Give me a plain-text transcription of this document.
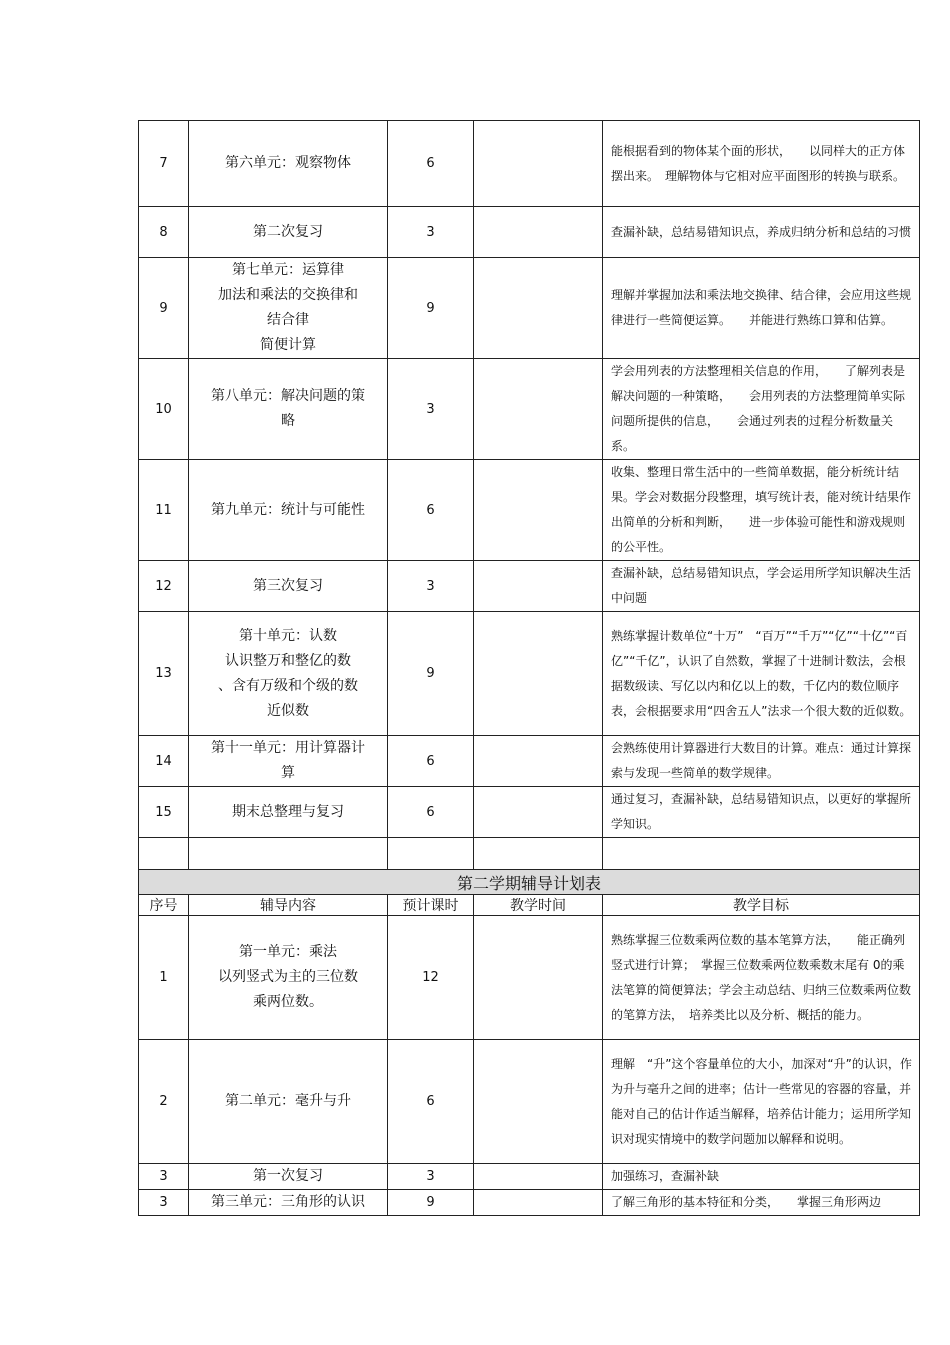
7	第六单元：观察物体	6		能根据看到的物体某个面的形状，　　以同样大的正方体摆出来。　理解物体与它相对应平面图形的转换与联系。
8	第二次复习	3		查漏补缺，总结易错知识点，养成归纳分析和总结的习惯
9	第七单元：运算律
加法和乘法的交换律和
结合律
简便计算	9		理解并掌握加法和乘法地交换律、结合律，会应用这些规律进行一些简便运算。　　并能进行熟练口算和估算。
10	第八单元：解决问题的策
略	3		学会用列表的方法整理相关信息的作用，　　了解列表是解决问题的一种策略，　　会用列表的方法整理简单实际问题所提供的信息，　　会通过列表的过程分析数量关系。
11	第九单元：统计与可能性	6		收集、整理日常生活中的一些简单数据，能分析统计结果。学会对数据分段整理，填写统计表，能对统计结果作出简单的分析和判断，　　进一步体验可能性和游戏规则的公平性。
12	第三次复习	3		查漏补缺，总结易错知识点，学会运用所学知识解决生活中问题
13	第十单元：认数
认识整万和整亿的数
、含有万级和个级的数
近似数	9		熟练掌握计数单位“十万”　“百万”“千万”“亿”“十亿”“百亿”“千亿”，认识了自然数，掌握了十进制计数法，会根据数级读、写亿以内和亿以上的数，千亿内的数位顺序表，会根据要求用“四舍五人”法求一个很大数的近似数。
14	第十一单元：用计算器计
算	6		会熟练使用计算器进行大数目的计算。难点：通过计算探索与发现一些简单的数学规律。
15	期末总整理与复习	6		通过复习，查漏补缺，总结易错知识点，以更好的掌握所学知识。

第二学期辅导计划表				
序号	辅导内容	预计课时	教学时间	教学目标
1	第一单元：乘法
以列竖式为主的三位数
乘两位数。	12		熟练掌握三位数乘两位数的基本笔算方法，　　能正确列竖式进行计算；　掌握三位数乘两位数乘数末尾有 0的乘法笔算的简便算法；学会主动总结、归纳三位数乘两位数的笔算方法，　培养类比以及分析、概括的能力。
2	第二单元：毫升与升	6		理解　“升”这个容量单位的大小，加深对“升”的认识，作为升与毫升之间的进率；估计一些常见的容器的容量，并能对自己的估计作适当解释，培养估计能力；运用所学知识对现实情境中的数学问题加以解释和说明。
3	第一次复习	3		加强练习，查漏补缺
3	第三单元：三角形的认识	9		了解三角形的基本特征和分类，　　掌握三角形两边
